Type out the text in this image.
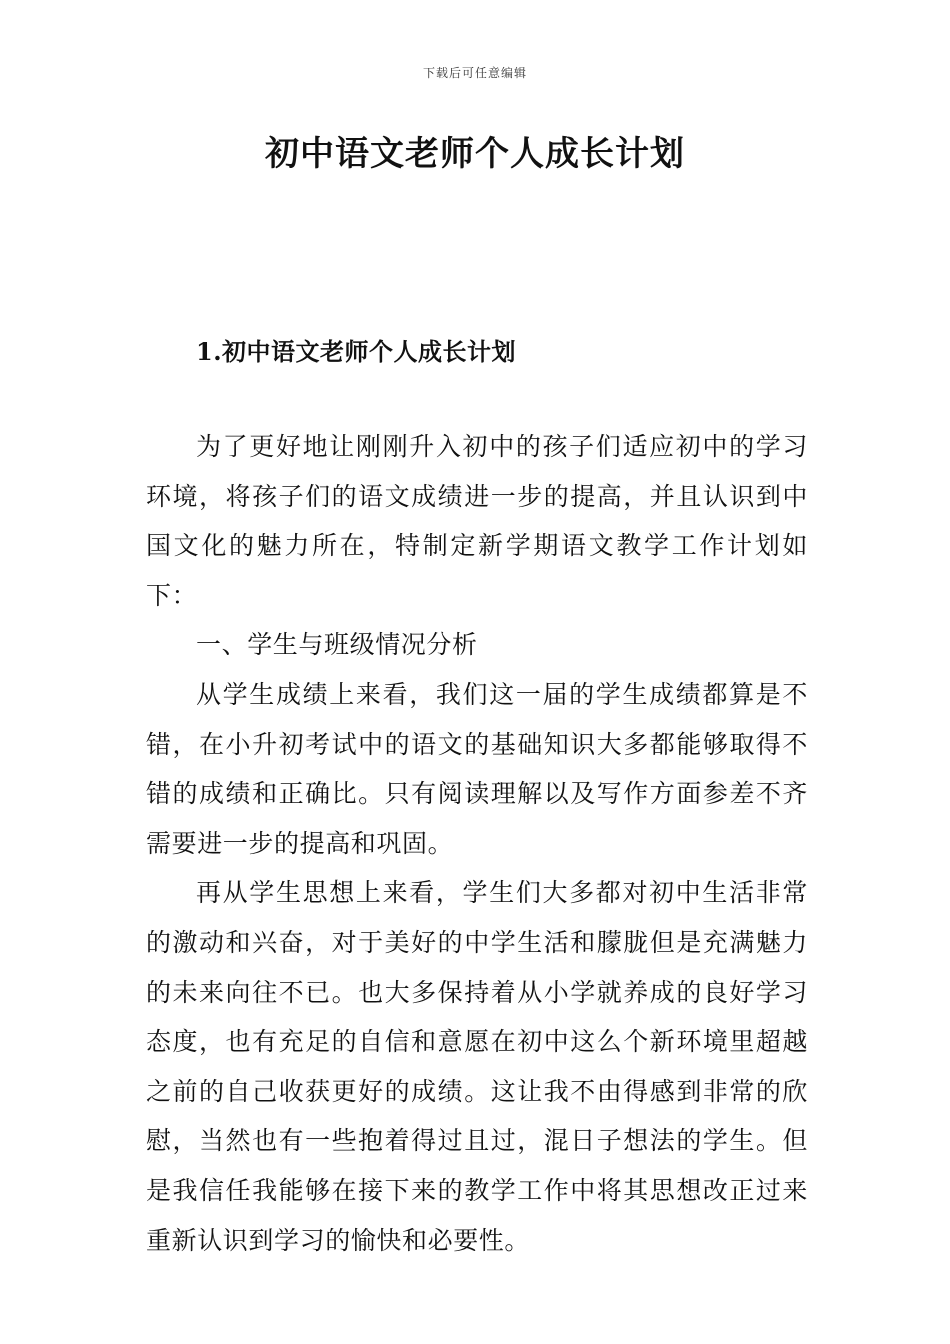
下载后可任意编辑
初中语文老师个人成长计划
1.初中语文老师个人成长计划

为了更好地让刚刚升入初中的孩子们适应初中的学习环境，将孩子们的语文成绩进一步的提高，并且认识到中国文化的魅力所在，特制定新学期语文教学工作计划如下：

一、学生与班级情况分析

从学生成绩上来看，我们这一届的学生成绩都算是不错，在小升初考试中的语文的基础知识大多都能够取得不错的成绩和正确比。只有阅读理解以及写作方面参差不齐需要进一步的提高和巩固。

再从学生思想上来看，学生们大多都对初中生活非常的激动和兴奋，对于美好的中学生活和朦胧但是充满魅力的未来向往不已。也大多保持着从小学就养成的良好学习态度，也有充足的自信和意愿在初中这么个新环境里超越之前的自己收获更好的成绩。这让我不由得感到非常的欣慰，当然也有一些抱着得过且过，混日子想法的学生。但是我信任我能够在接下来的教学工作中将其思想改正过来重新认识到学习的愉快和必要性。
